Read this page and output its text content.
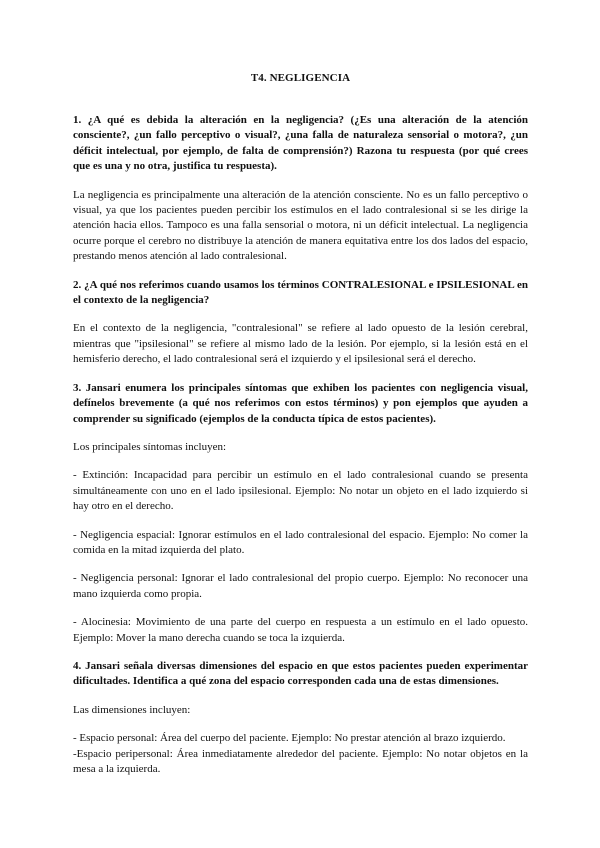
T4. NEGLIGENCIA
1. ¿A qué es debida la alteración en la negligencia? (¿Es una alteración de la atención consciente?, ¿un fallo perceptivo o visual?, ¿una falla de naturaleza sensorial o motora?, ¿un déficit intelectual, por ejemplo, de falta de comprensión?) Razona tu respuesta (por qué crees que es una y no otra, justifica tu respuesta).
La negligencia es principalmente una alteración de la atención consciente. No es un fallo perceptivo o visual, ya que los pacientes pueden percibir los estímulos en el lado contralesional si se les dirige la atención hacia ellos. Tampoco es una falla sensorial o motora, ni un déficit intelectual. La negligencia ocurre porque el cerebro no distribuye la atención de manera equitativa entre los dos lados del espacio, prestando menos atención al lado contralesional.
2. ¿A qué nos referimos cuando usamos los términos CONTRALESIONAL e IPSILESIONAL en el contexto de la negligencia?
En el contexto de la negligencia, "contralesional" se refiere al lado opuesto de la lesión cerebral, mientras que "ipsilesional" se refiere al mismo lado de la lesión. Por ejemplo, si la lesión está en el hemisferio derecho, el lado contralesional será el izquierdo y el ipsilesional será el derecho.
3. Jansari enumera los principales síntomas que exhiben los pacientes con negligencia visual, defínelos brevemente (a qué nos referimos con estos términos) y pon ejemplos que ayuden a comprender su significado (ejemplos de la conducta típica de estos pacientes).
Los principales síntomas incluyen:
- Extinción: Incapacidad para percibir un estímulo en el lado contralesional cuando se presenta simultáneamente con uno en el lado ipsilesional. Ejemplo: No notar un objeto en el lado izquierdo si hay otro en el derecho.
- Negligencia espacial: Ignorar estímulos en el lado contralesional del espacio. Ejemplo: No comer la comida en la mitad izquierda del plato.
- Negligencia personal: Ignorar el lado contralesional del propio cuerpo. Ejemplo: No reconocer una mano izquierda como propia.
- Alocinesia: Movimiento de una parte del cuerpo en respuesta a un estímulo en el lado opuesto. Ejemplo: Mover la mano derecha cuando se toca la izquierda.
4. Jansari señala diversas dimensiones del espacio en que estos pacientes pueden experimentar dificultades. Identifica a qué zona del espacio corresponden cada una de estas dimensiones.
Las dimensiones incluyen:
- Espacio personal: Área del cuerpo del paciente. Ejemplo: No prestar atención al brazo izquierdo.
-Espacio peripersonal: Área inmediatamente alrededor del paciente. Ejemplo: No notar objetos en la mesa a la izquierda.
